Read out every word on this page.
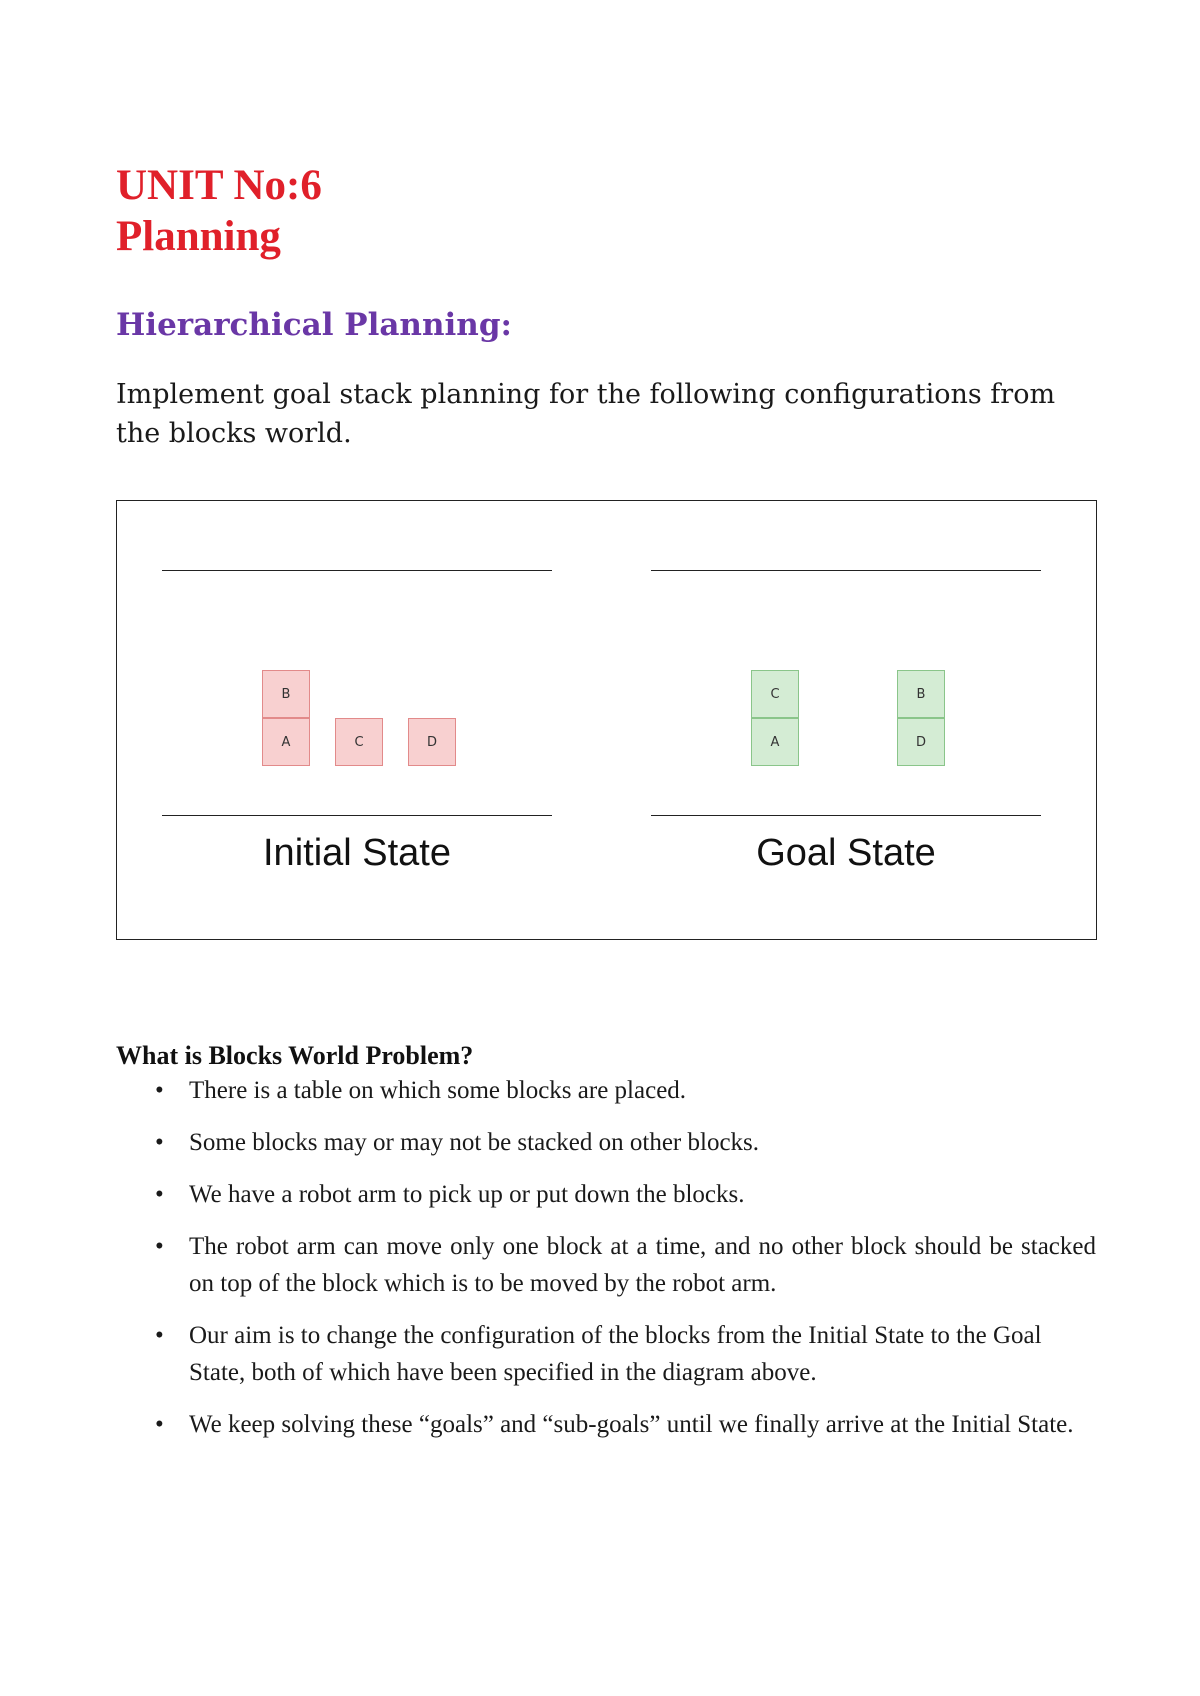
UNIT No:6
Planning
Hierarchical Planning:

Implement goal stack planning for the following configurations from the blocks world.

B
A	C	D
Initial State
C
A
B
D
Goal State
What is Blocks World Problem?
• There is a table on which some blocks are placed.
• Some blocks may or may not be stacked on other blocks.
• We have a robot arm to pick up or put down the blocks.
• The robot arm can move only one block at a time, and no other block should be stacked on top of the block which is to be moved by the robot arm.
• Our aim is to change the configuration of the blocks from the Initial State to the Goal State, both of which have been specified in the diagram above.
• We keep solving these “goals” and “sub-goals” until we finally arrive at the Initial State.
